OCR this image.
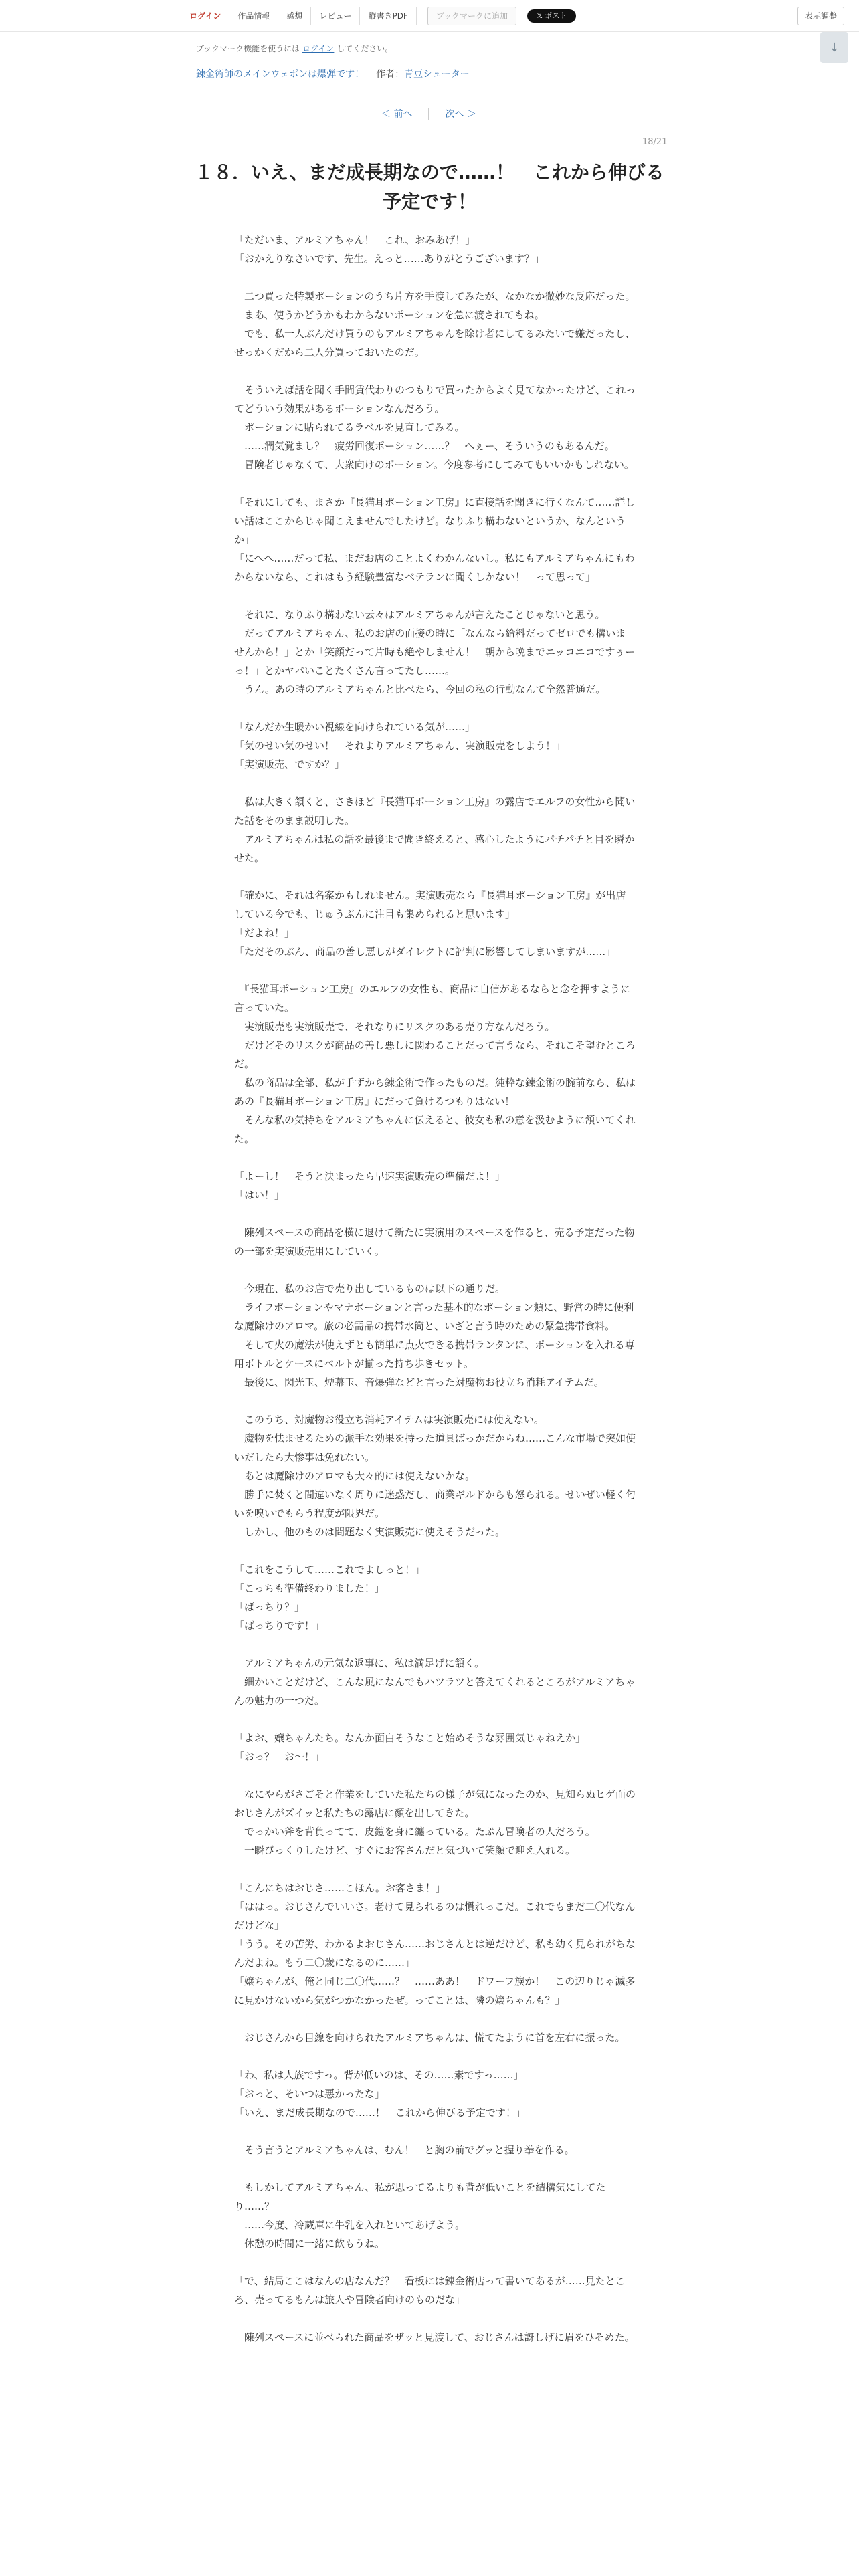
ログイン	作品情報	感想	レビュー	縦書きPDF	ブックマークに追加	𝕏 ポスト	表示調整
↓
ブックマーク機能を使うには ログイン してください。
錬金術師のメインウェポンは爆弾です！ 作者：青豆シューター
＜ 前へ	次へ ＞
18/21
１８．いえ、まだ成長期なので……！　これから伸びる予定です！

「ただいま、アルミアちゃん！　これ、おみあげ！」

「おかえりなさいです、先生。えっと……ありがとうございます？」

　二つ買った特製ポーションのうち片方を手渡してみたが、なかなか微妙な反応だった。

　まあ、使うかどうかもわからないポーションを急に渡されてもね。

　でも、私一人ぶんだけ買うのもアルミアちゃんを除け者にしてるみたいで嫌だったし、せっかくだから二人分買っておいたのだ。

　そういえば話を聞く手間賃代わりのつもりで買ったからよく見てなかったけど、これってどういう効果があるポーションなんだろう。

　ポーションに貼られてるラベルを見直してみる。

　……潤気覚まし？　疲労回復ポーション……？　へぇー、そういうのもあるんだ。

　冒険者じゃなくて、大衆向けのポーション。今度参考にしてみてもいいかもしれない。

「それにしても、まさか『長猫耳ポーション工房』に直接話を聞きに行くなんて……詳しい話はここからじゃ聞こえませんでしたけど。なりふり構わないというか、なんというか」

「にへへ……だって私、まだお店のことよくわかんないし。私にもアルミアちゃんにもわからないなら、これはもう経験豊富なベテランに聞くしかない！　って思って」

　それに、なりふり構わない云々はアルミアちゃんが言えたことじゃないと思う。

　だってアルミアちゃん、私のお店の面接の時に「なんなら給料だってゼロでも構いませんから！」とか「笑顔だって片時も絶やしません！　朝から晩までニッコニコですぅーっ！」とかヤバいことたくさん言ってたし……。

　うん。あの時のアルミアちゃんと比べたら、今回の私の行動なんて全然普通だ。

「なんだか生暖かい視線を向けられている気が……」

「気のせい気のせい！　それよりアルミアちゃん、実演販売をしよう！」

「実演販売、ですか？」

　私は大きく頷くと、さきほど『長猫耳ポーション工房』の露店でエルフの女性から聞いた話をそのまま説明した。

　アルミアちゃんは私の話を最後まで聞き終えると、感心したようにパチパチと目を瞬かせた。

「確かに、それは名案かもしれません。実演販売なら『長猫耳ポーション工房』が出店している今でも、じゅうぶんに注目も集められると思います」

「だよね！」

「ただそのぶん、商品の善し悪しがダイレクトに評判に影響してしまいますが……」

　『長猫耳ポーション工房』のエルフの女性も、商品に自信があるならと念を押すように言っていた。

　実演販売も実演販売で、それなりにリスクのある売り方なんだろう。

　だけどそのリスクが商品の善し悪しに関わることだって言うなら、それこそ望むところだ。

　私の商品は全部、私が手ずから錬金術で作ったものだ。純粋な錬金術の腕前なら、私はあの『長猫耳ポーション工房』にだって負けるつもりはない！

　そんな私の気持ちをアルミアちゃんに伝えると、彼女も私の意を汲むように頷いてくれた。

「よーし！　そうと決まったら早速実演販売の準備だよ！」

「はい！」

　陳列スペースの商品を横に退けて新たに実演用のスペースを作ると、売る予定だった物の一部を実演販売用にしていく。

　今現在、私のお店で売り出しているものは以下の通りだ。

　ライフポーションやマナポーションと言った基本的なポーション類に、野営の時に便利な魔除けのアロマ。旅の必需品の携帯水筒と、いざと言う時のための緊急携帯食料。

　そして火の魔法が使えずとも簡単に点火できる携帯ランタンに、ポーションを入れる専用ボトルとケースにベルトが揃った持ち歩きセット。

　最後に、閃光玉、煙幕玉、音爆弾などと言った対魔物お役立ち消耗アイテムだ。

　このうち、対魔物お役立ち消耗アイテムは実演販売には使えない。

　魔物を怯ませるための派手な効果を持った道具ばっかだからね……こんな市場で突如使いだしたら大惨事は免れない。

　あとは魔除けのアロマも大々的には使えないかな。

　勝手に焚くと間違いなく周りに迷惑だし、商業ギルドからも怒られる。せいぜい軽く匂いを嗅いでもらう程度が限界だ。

　しかし、他のものは問題なく実演販売に使えそうだった。

「これをこうして……これでよしっと！」

「こっちも準備終わりました！」

「ばっちり？」

「ばっちりです！」

　アルミアちゃんの元気な返事に、私は満足げに頷く。

　細かいことだけど、こんな風になんでもハツラツと答えてくれるところがアルミアちゃんの魅力の一つだ。

「よお、嬢ちゃんたち。なんか面白そうなこと始めそうな雰囲気じゃねえか」

「おっ？　お～！」

　なにやらがさごそと作業をしていた私たちの様子が気になったのか、見知らぬヒゲ面のおじさんがズイッと私たちの露店に顔を出してきた。

　でっかい斧を背負ってて、皮鎧を身に纏っている。たぶん冒険者の人だろう。

　一瞬びっくりしたけど、すぐにお客さんだと気づいて笑顔で迎え入れる。

「こんにちはおじさ……こほん。お客さま！」

「ははっ。おじさんでいいさ。老けて見られるのは慣れっこだ。これでもまだ二〇代なんだけどな」

「うう。その苦労、わかるよおじさん……おじさんとは逆だけど、私も幼く見られがちなんだよね。もう二〇歳になるのに……」

「嬢ちゃんが、俺と同じ二〇代……？　……ああ！　ドワーフ族か！　この辺りじゃ滅多に見かけないから気がつかなかったぜ。ってことは、隣の嬢ちゃんも？」

　おじさんから目線を向けられたアルミアちゃんは、慌てたように首を左右に振った。

「わ、私は人族ですっ。背が低いのは、その……素ですっ……」

「おっと、そいつは悪かったな」

「いえ、まだ成長期なので……！　これから伸びる予定です！」

　そう言うとアルミアちゃんは、むん！　と胸の前でグッと握り拳を作る。

　もしかしてアルミアちゃん、私が思ってるよりも背が低いことを結構気にしてたり……？

　……今度、冷蔵庫に牛乳を入れといてあげよう。

　休憩の時間に一緒に飲もうね。

「で、結局ここはなんの店なんだ？　看板には錬金術店って書いてあるが……見たところ、売ってるもんは旅人や冒険者向けのものだな」

　陳列スペースに並べられた商品をザッと見渡して、おじさんは訝しげに眉をひそめた。
